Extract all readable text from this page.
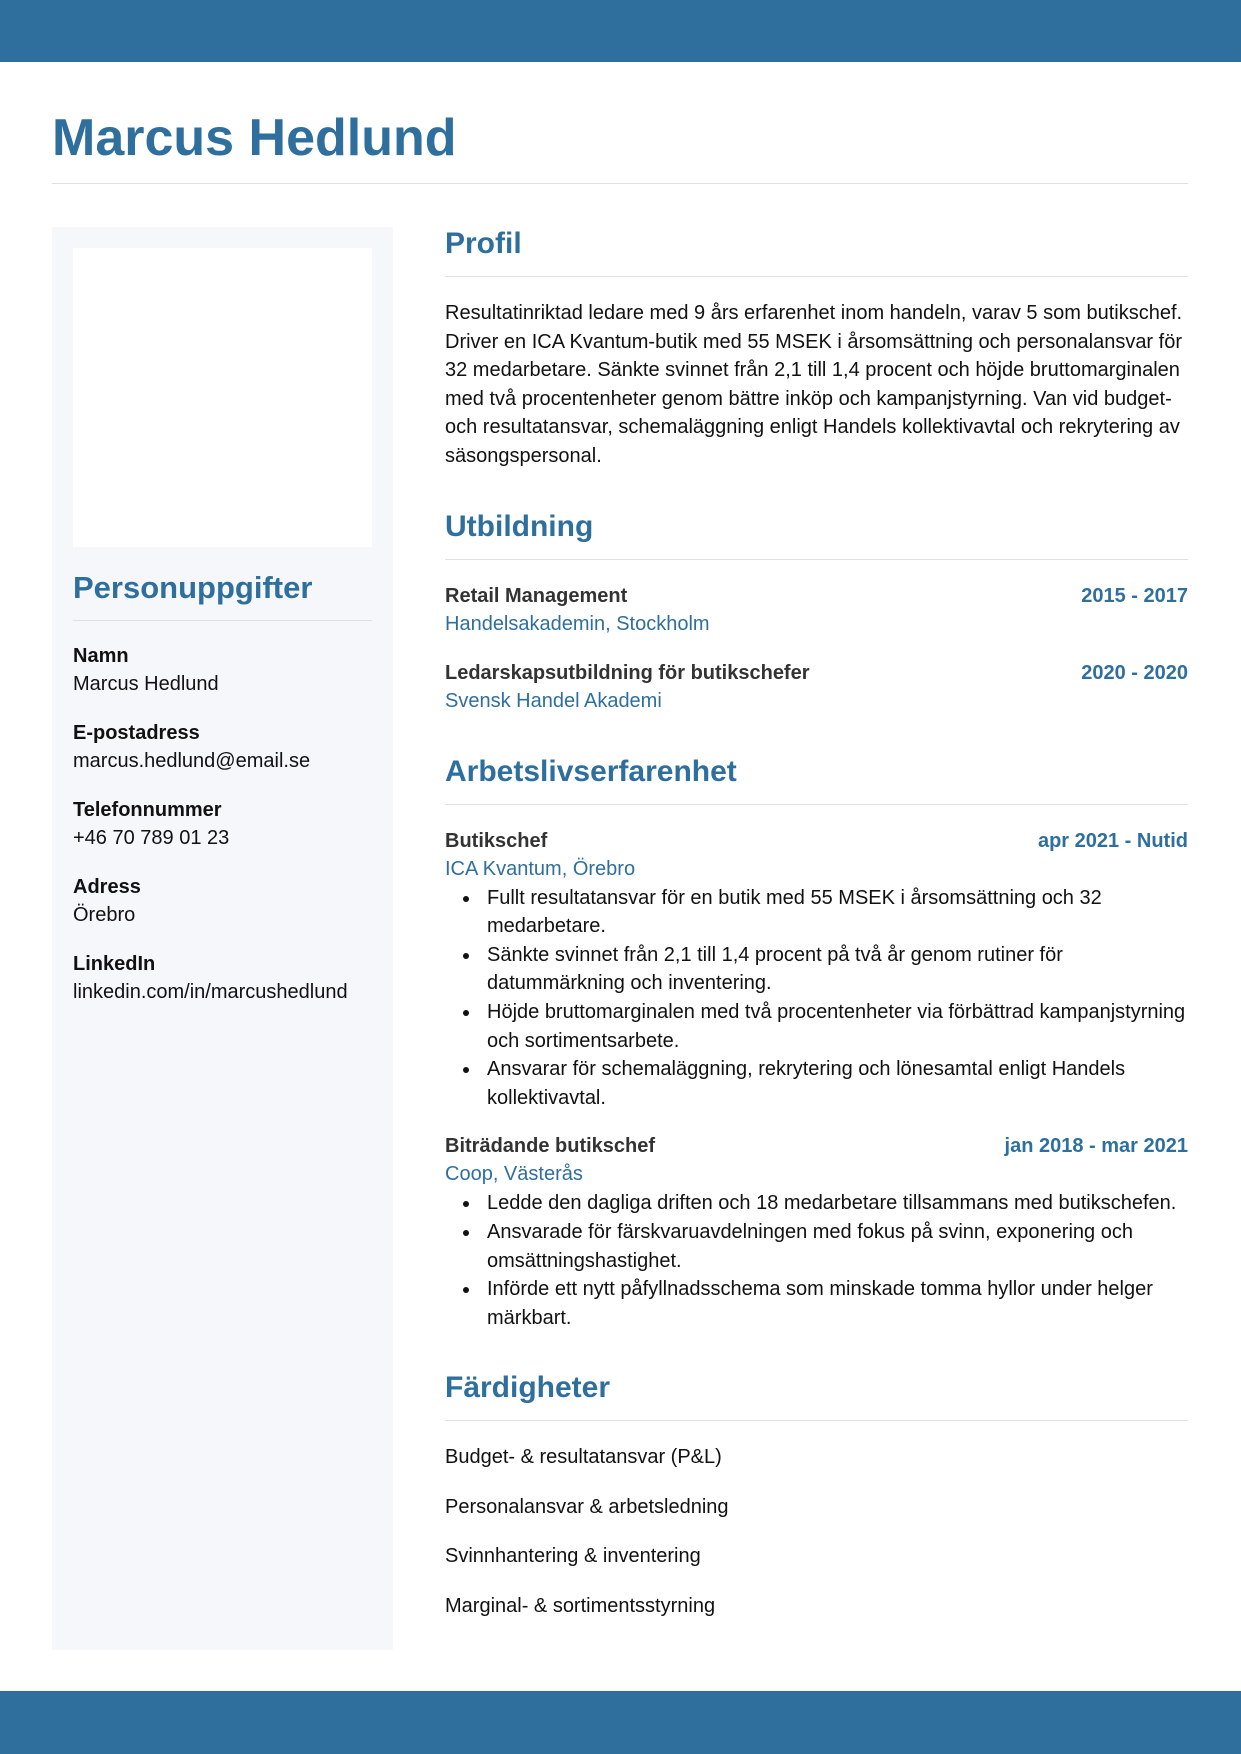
Marcus Hedlund
Personuppgifter
Namn
Marcus Hedlund
E-postadress
marcus.hedlund@email.se
Telefonnummer
+46 70 789 01 23
Adress
Örebro
LinkedIn
linkedin.com/in/marcushedlund
Profil

Resultatinriktad ledare med 9 års erfarenhet inom handeln, varav 5 som butikschef. Driver en ICA Kvantum-butik med 55 MSEK i årsomsättning och personalansvar för 32 medarbetare. Sänkte svinnet från 2,1 till 1,4 procent och höjde bruttomarginalen med två procentenheter genom bättre inköp och kampanjstyrning. Van vid budget- och resultatansvar, schemaläggning enligt Handels kollektivavtal och rekrytering av säsongspersonal.

Utbildning
Retail Management	2015 - 2017
Handelsakademin, Stockholm
Ledarskapsutbildning för butikschefer	2020 - 2020
Svensk Handel Akademi
Arbetslivserfarenhet
Butikschef	apr 2021 - Nutid
ICA Kvantum, Örebro
Fullt resultatansvar för en butik med 55 MSEK i årsomsättning och 32 medarbetare.
Sänkte svinnet från 2,1 till 1,4 procent på två år genom rutiner för datummärkning och inventering.
Höjde bruttomarginalen med två procentenheter via förbättrad kampanjstyrning och sortimentsarbete.
Ansvarar för schemaläggning, rekrytering och lönesamtal enligt Handels kollektivavtal.
Biträdande butikschef	jan 2018 - mar 2021
Coop, Västerås
Ledde den dagliga driften och 18 medarbetare tillsammans med butikschefen.
Ansvarade för färskvaruavdelningen med fokus på svinn, exponering och omsättningshastighet.
Införde ett nytt påfyllnadsschema som minskade tomma hyllor under helger märkbart.
Färdigheter
Budget- & resultatansvar (P&L)
Personalansvar & arbetsledning
Svinnhantering & inventering
Marginal- & sortimentsstyrning
